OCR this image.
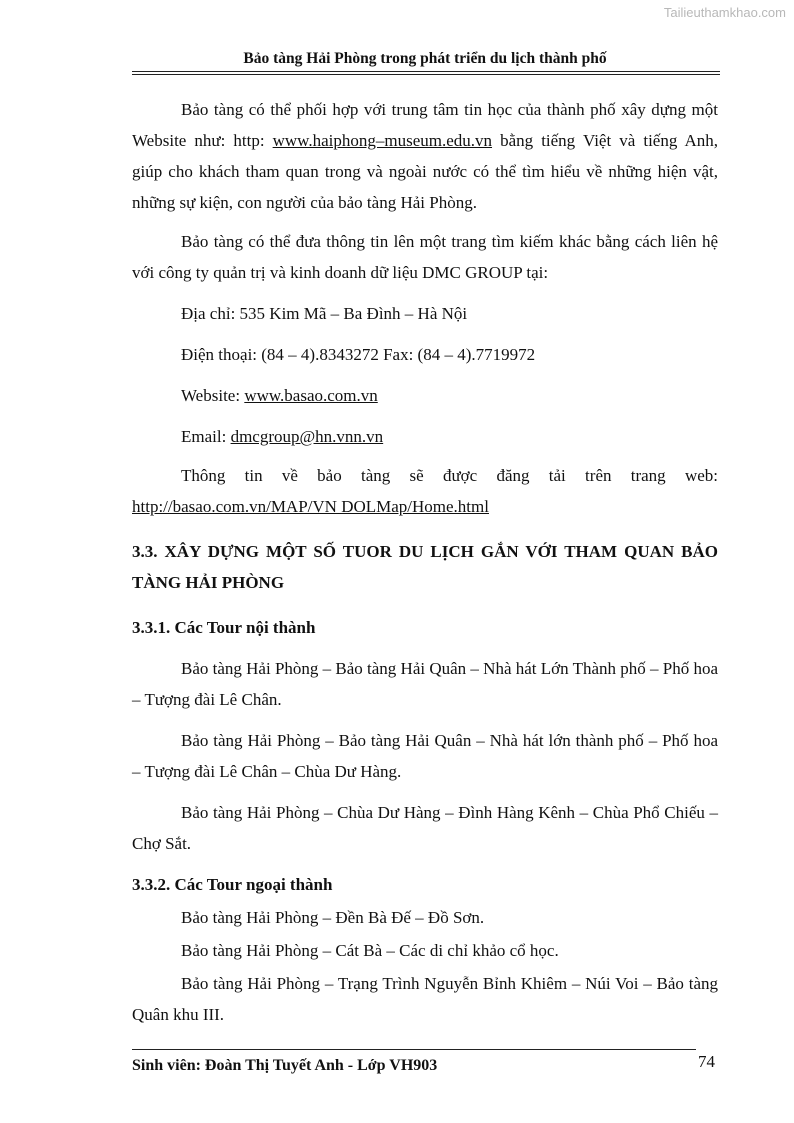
Tailieuthamkhao.com
Bảo tàng Hải Phòng trong phát triển du lịch thành phố

Bảo tàng có thể phối hợp với trung tâm tin học của thành phố xây dựng một Website như: http: www.haiphong–museum.edu.vn bằng tiếng Việt và tiếng Anh, giúp cho khách tham quan trong và ngoài nước có thể tìm hiểu về những hiện vật, những sự kiện, con người của bảo tàng Hải Phòng.

Bảo tàng có thể đưa thông tin lên một trang tìm kiếm khác bằng cách liên hệ với công ty quản trị và kinh doanh dữ liệu DMC GROUP tại:

Địa chỉ: 535 Kim Mã – Ba Đình – Hà Nội

Điện thoại: (84 – 4).8343272 Fax: (84 – 4).7719972

Website: www.basao.com.vn

Email: dmcgroup@hn.vnn.vn

Thông tin về bảo tàng sẽ được đăng tải trên trang web:

http://basao.com.vn/MAP/VN DOLMap/Home.html

3.3. XÂY DỰNG MỘT SỐ TUOR DU LỊCH GẮN VỚI THAM QUAN BẢO TÀNG HẢI PHÒNG

3.3.1. Các Tour nội thành

Bảo tàng Hải Phòng – Bảo tàng Hải Quân – Nhà hát Lớn Thành phố – Phố hoa – Tượng đài Lê Chân.

Bảo tàng Hải Phòng – Bảo tàng Hải Quân – Nhà hát lớn thành phố – Phố hoa – Tượng đài Lê Chân – Chùa Dư Hàng.

Bảo tàng Hải Phòng – Chùa Dư Hàng – Đình Hàng Kênh – Chùa Phổ Chiếu – Chợ Sắt.

3.3.2. Các Tour ngoại thành

Bảo tàng Hải Phòng – Đền Bà Đế – Đồ Sơn.

Bảo tàng Hải Phòng – Cát Bà – Các di chỉ khảo cổ học.

Bảo tàng Hải Phòng – Trạng Trình Nguyễn Bỉnh Khiêm – Núi Voi – Bảo tàng Quân khu III.

Sinh viên: Đoàn Thị Tuyết Anh - Lớp VH903	74
